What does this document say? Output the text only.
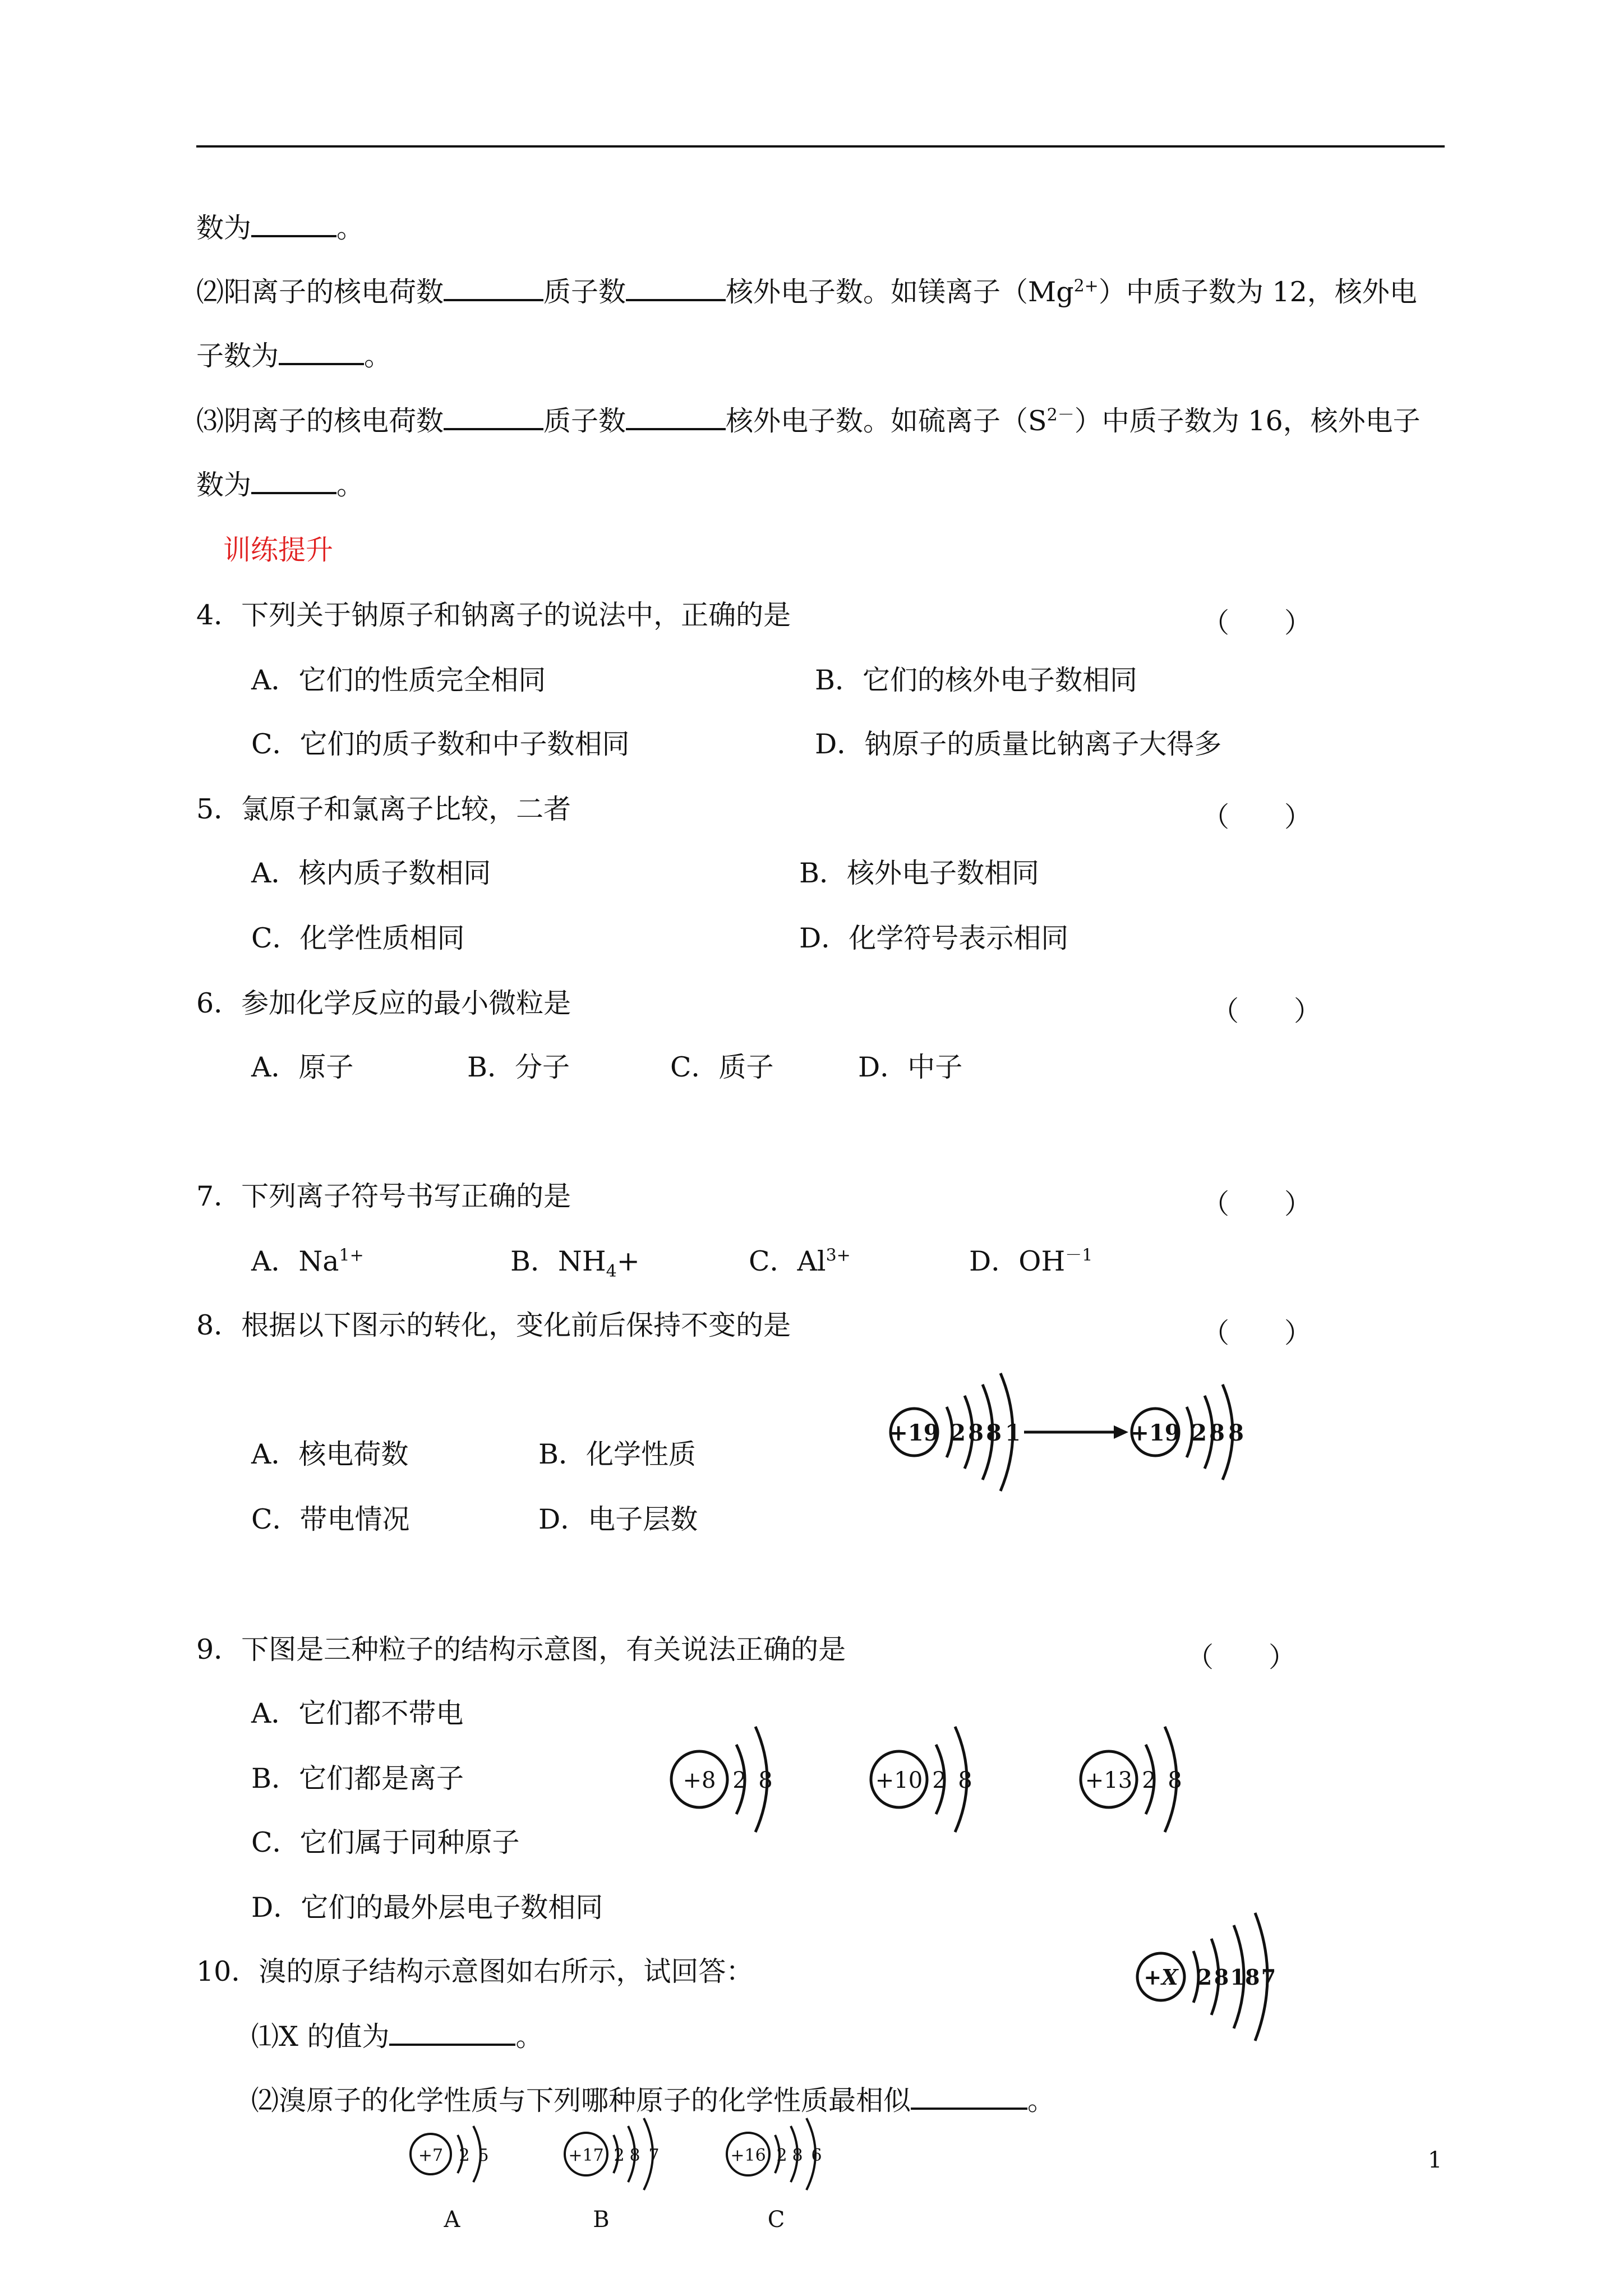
数为	。
⑵阳离子的核电荷数	质子数	核外电子数。如镁离子$(Mg^{2+})$中质子数为 12，核外电
子数为	。
⑶阴离子的核电荷数	质子数	核外电子数。如硫离子$(S^{2-})$中质子数为 16，核外电子
数为	。
训练提升
4．下列关于钠原子和钠离子的说法中，正确的是	（　　）
A．它们的性质完全相同	B．它们的核外电子数相同
C．它们的质子数和中子数相同	D．钠原子的质量比钠离子大得多
5．氯原子和氯离子比较，二者	（　　）
A．核内质子数相同	B．核外电子数相同
C．化学性质相同	D．化学符号表示相同
6．参加化学反应的最小微粒是	（　　）
A．原子	B．分子	C．质子	D．中子
7．下列离子符号书写正确的是	（　　）
A．$Na^{1+}$	B．$NH_4+$	C．$Al^{3+}$	D．$OH^{-1}$
8．根据以下图示的转化，变化前后保持不变的是	（　　）
A．核电荷数	B．化学性质
C．带电情况	D．电子层数
+19 2 8 8 1	+19 2 8 8
9．下图是三种粒子的结构示意图，有关说法正确的是	（　　）
A．它们都不带电
B．它们都是离子
C．它们属于同种原子
D．它们的最外层电子数相同
+8 2 8	+10 2 8	+13 2 8
10．溴的原子结构示意图如右所示，试回答：
⑴X 的值为	。
⑵溴原子的化学性质与下列哪种原子的化学性质最相似	。
+X 2 8 18 7
+7 2 5
A
+17 2 8 7
B
+16 2 8 6
C
1
